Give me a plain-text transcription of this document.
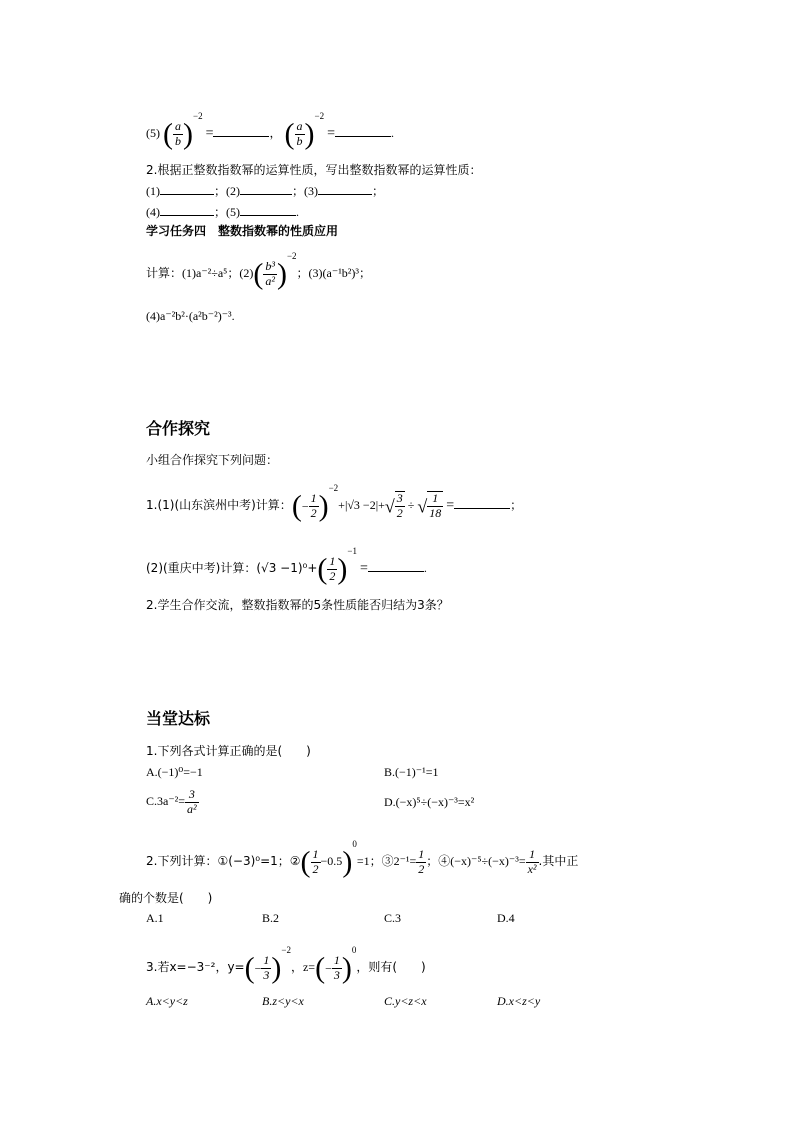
(5) ( $\frac{a}{b} )^{-2}$ =	， ( $\frac{a}{b} )^{-2}$ =	.
2.根据正整数指数幂的运算性质，写出整数指数幂的运算性质：
(1)	；(2)	；(3)	；
(4)	；(5)	.
学习任务四　整数指数幂的性质应用
计算：(1)a⁻²÷a⁵；$(2)( \frac{\text{b³}}{\text{a²}} )^{-2}$；(3)(a⁻¹b²)³；
(4)a⁻²b²·(a²b⁻²)⁻³.
合作探究
小组合作探究下列问题：
1.(1)(山东滨州中考)计算：(− $\frac{1}{2} )^{-2}+|√3 -2|+√ \frac{3}{2}$ ÷ √ $\frac{1}{18}$ =	；
(2)(重庆中考)计算：$(√3 -1)^0+( \frac{1}{2} )^{-1}$ =	.
2.学生合作交流，整数指数幂的5条性质能否归结为3条？
当堂达标
1.下列各式计算正确的是(　　)
A.(−1)⁰=−1	B.(−1)⁻¹=1
$C.3a^{-2}= \frac{3}{\text{a²}}$	D.(−x)⁵÷(−x)⁻³=x²
2.下列计算：①(−3)⁰=1；②( $\frac{1}{2} -0.5)^0=1$；③2⁻¹= $\frac{1}{2}$ ；④(−x)⁻⁵÷(−x)⁻³= $\frac{1}{\text{x²}}$ .其中正
确的个数是(　　)
A.1	B.2	C.3	D.4
3.若x=−3⁻²，$y=(- \frac{1}{3} )^{-2}$，$z=(- \frac{1}{3} )^0$，则有(　　)
A.x<y<z	B.z<y<x	C.y<z<x	D.x<z<y
